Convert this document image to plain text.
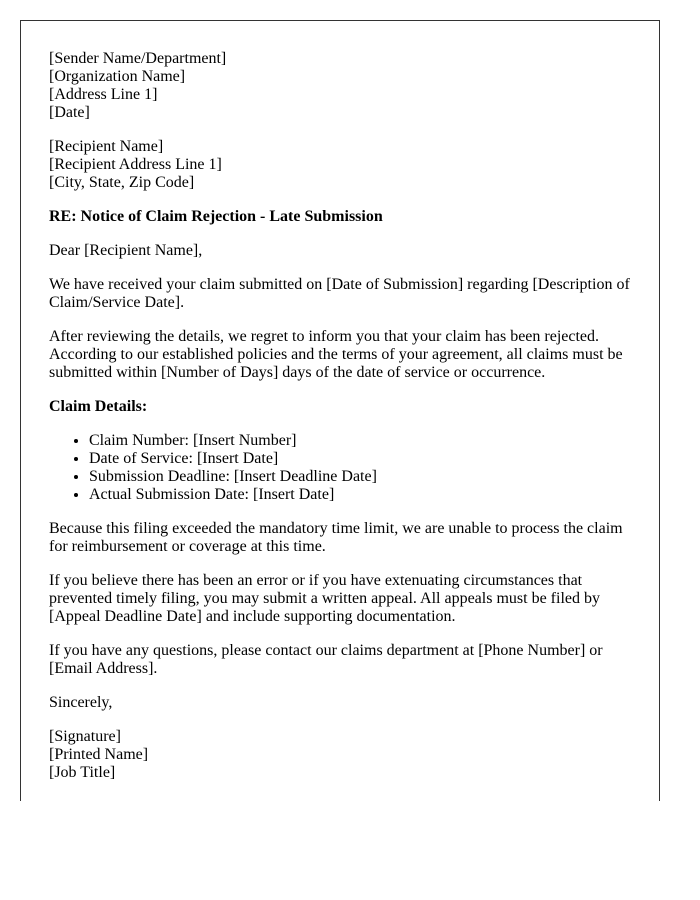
[Sender Name/Department]
[Organization Name]
[Address Line 1]
[Date]

[Recipient Name]
[Recipient Address Line 1]
[City, State, Zip Code]

RE: Notice of Claim Rejection - Late Submission

Dear [Recipient Name],

We have received your claim submitted on [Date of Submission] regarding [Description of Claim/Service Date].

After reviewing the details, we regret to inform you that your claim has been rejected. According to our established policies and the terms of your agreement, all claims must be submitted within [Number of Days] days of the date of service or occurrence.

Claim Details:

• Claim Number: [Insert Number]
• Date of Service: [Insert Date]
• Submission Deadline: [Insert Deadline Date]
• Actual Submission Date: [Insert Date]

Because this filing exceeded the mandatory time limit, we are unable to process the claim for reimbursement or coverage at this time.

If you believe there has been an error or if you have extenuating circumstances that prevented timely filing, you may submit a written appeal. All appeals must be filed by [Appeal Deadline Date] and include supporting documentation.

If you have any questions, please contact our claims department at [Phone Number] or [Email Address].

Sincerely,

[Signature]
[Printed Name]
[Job Title]
